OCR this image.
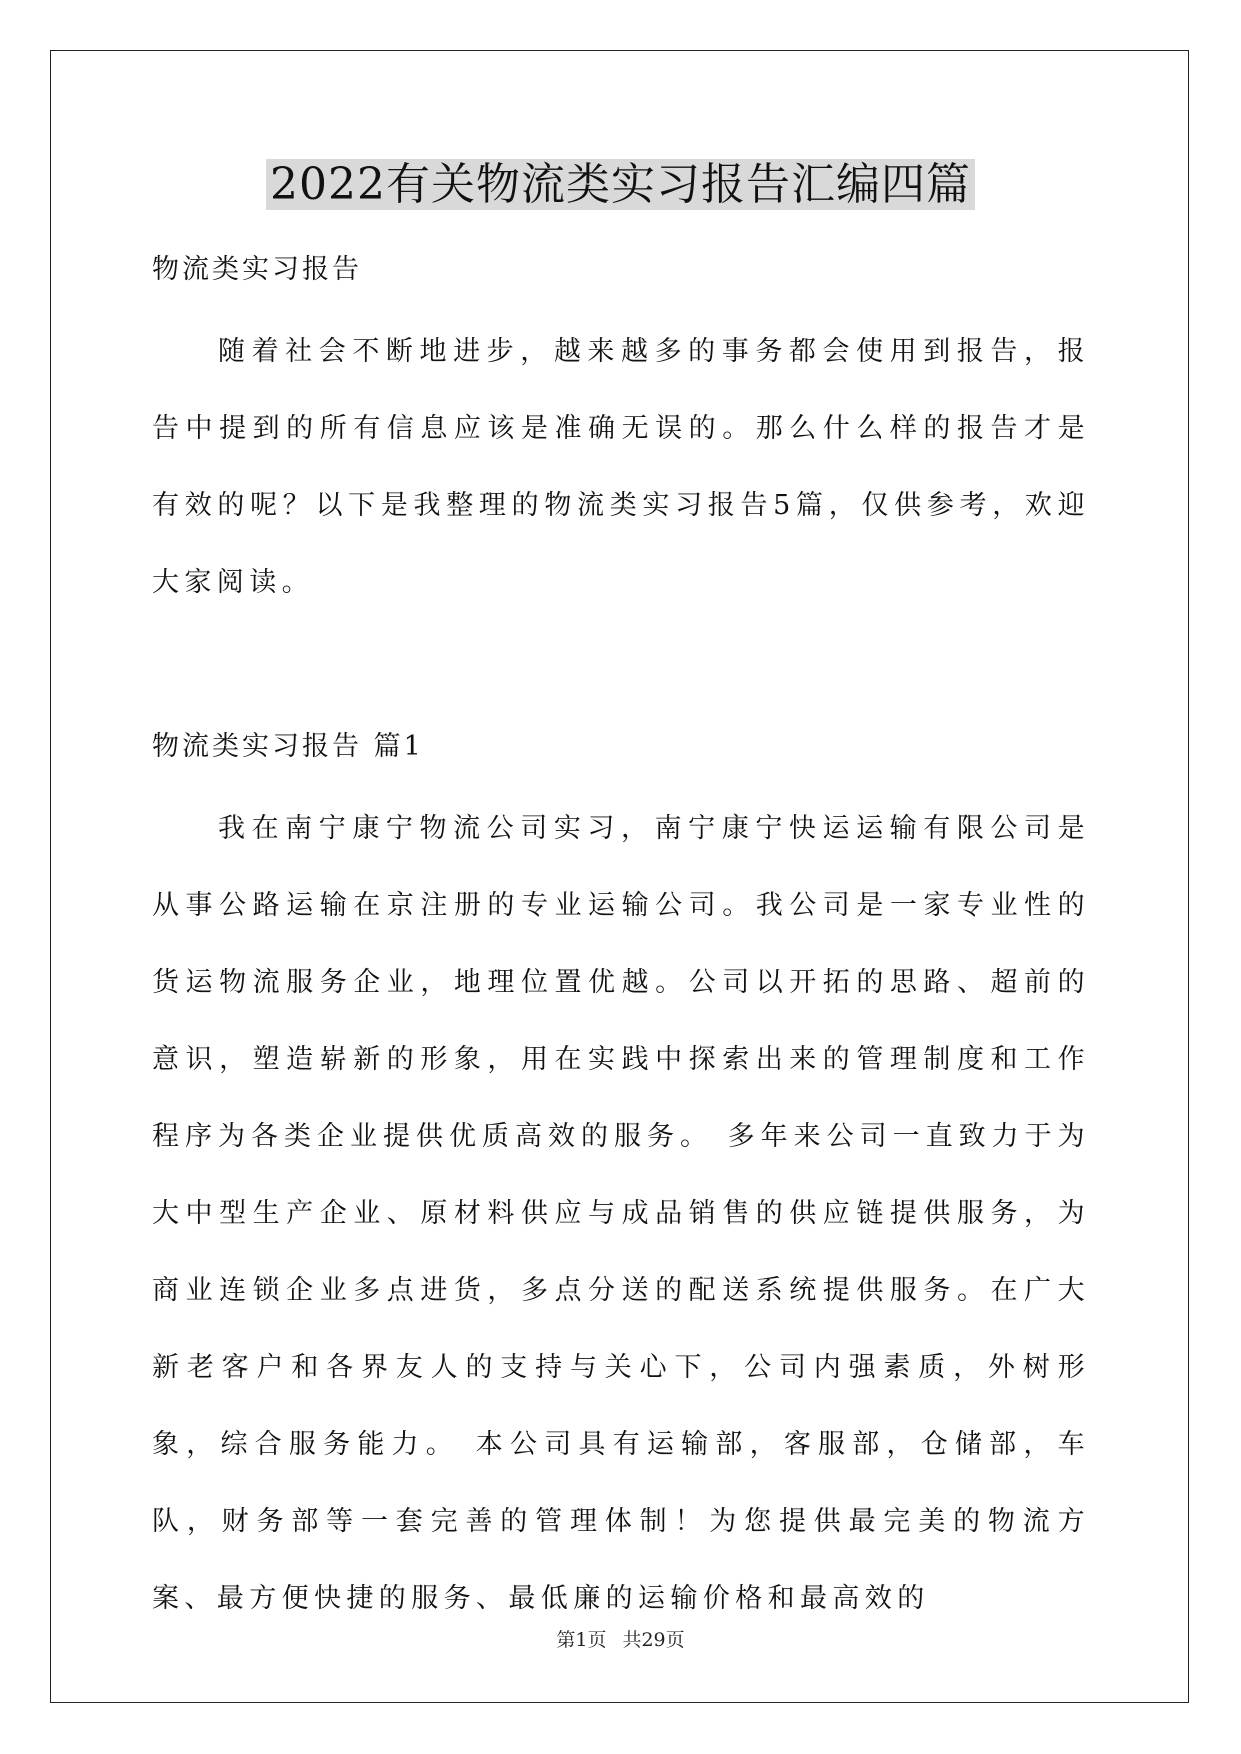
2022有关物流类实习报告汇编四篇

物流类实习报告

随着社会不断地进步，越来越多的事务都会使用到报告，报告中提到的所有信息应该是准确无误的。那么什么样的报告才是有效的呢？以下是我整理的物流类实习报告5篇，仅供参考，欢迎大家阅读。

物流类实习报告 篇1

我在南宁康宁物流公司实习，南宁康宁快运运输有限公司是从事公路运输在京注册的专业运输公司。我公司是一家专业性的货运物流服务企业，地理位置优越。公司以开拓的思路、超前的意识，塑造崭新的形象，用在实践中探索出来的管理制度和工作程序为各类企业提供优质高效的服务。 多年来公司一直致力于为大中型生产企业、原材料供应与成品销售的供应链提供服务，为商业连锁企业多点进货，多点分送的配送系统提供服务。在广大新老客户和各界友人的支持与关心下，公司内强素质，外树形象，综合服务能力。 本公司具有运输部，客服部，仓储部，车队，财务部等一套完善的管理体制！为您提供最完美的物流方案、最方便快捷的服务、最低廉的运输价格和最高效的

第1页 共29页
